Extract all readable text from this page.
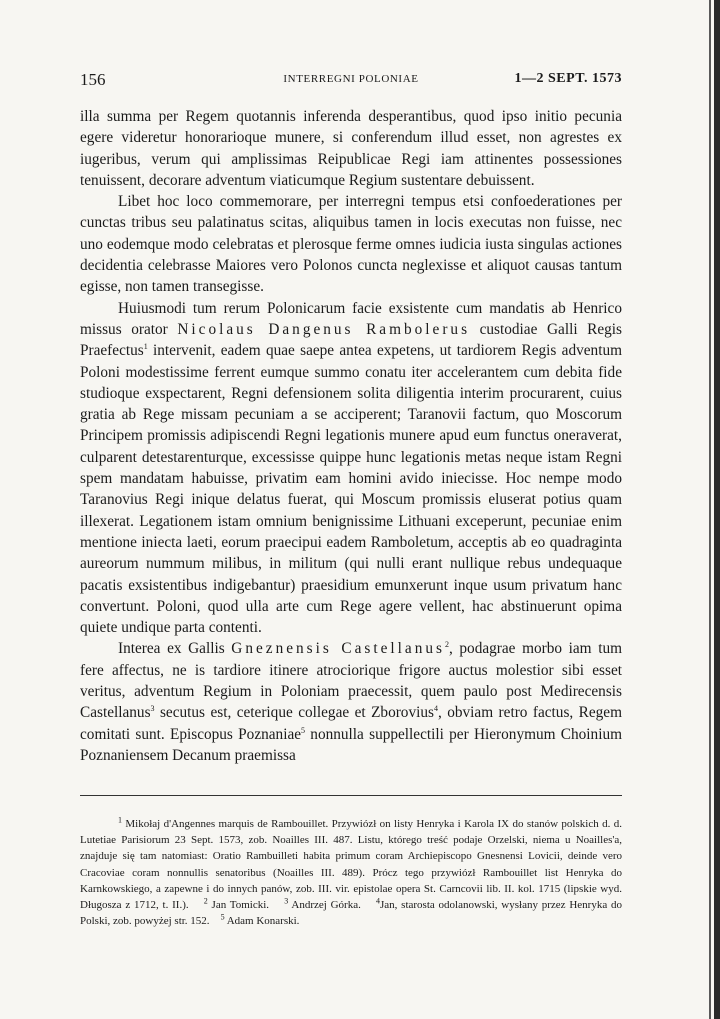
156	INTERREGNI POLONIAE	1—2 SEPT. 1573

illa summa per Regem quotannis inferenda desperantibus, quod ipso initio pecunia egere videretur honorarioque munere, si conferendum illud esset, non agrestes ex iugeribus, verum qui amplissimas Reipublicae Regi iam attinentes possessiones tenuissent, decorare adventum viaticumque Regium sustentare debuissent.

Libet hoc loco commemorare, per interregni tempus etsi confoederationes per cunctas tribus seu palatinatus scitas, aliquibus tamen in locis executas non fuisse, nec uno eodemque modo celebratas et plerosque ferme omnes iudicia iusta singulas actiones decidentia celebrasse Maiores vero Polonos cuncta neglexisse et aliquot causas tantum egisse, non tamen transegisse.

Huiusmodi tum rerum Polonicarum facie exsistente cum mandatis ab Henrico missus orator Nicolaus Dangenus Rambolerus custodiae Galli Regis Praefectus$^1$ intervenit, eadem quae saepe antea expetens, ut tardiorem Regis adventum Poloni modestissime ferrent eumque summo conatu iter accelerantem cum debita fide studioque exspectarent, Regni defensionem solita diligentia interim procurarent, cuius gratia ab Rege missam pecuniam a se acciperent; Taranovii factum, quo Moscorum Principem promissis adipiscendi Regni legationis munere apud eum functus oneraverat, culparent detestarenturque, excessisse quippe hunc legationis metas neque istam Regni spem mandatam habuisse, privatim eam homini avido iniecisse. Hoc nempe modo Taranovius Regi inique delatus fuerat, qui Moscum promissis eluserat potius quam illexerat. Legationem istam omnium benignissime Lithuani exceperunt, pecuniae enim mentione iniecta laeti, eorum praecipui eadem Ramboletum, acceptis ab eo quadraginta aureorum nummum milibus, in militum (qui nulli erant nullique rebus undequaque pacatis exsistentibus indigebantur) praesidium emunxerunt inque usum privatum hanc convertunt. Poloni, quod ulla arte cum Rege agere vellent, hac abstinuerunt opima quiete undique parta contenti.

Interea ex Gallis Gneznensis Castellanus$^2$, podagrae morbo iam tum fere affectus, ne is tardiore itinere atrociorique frigore auctus molestior sibi esset veritus, adventum Regium in Poloniam praecessit, quem paulo post Medirecensis Castellanus$^3$ secutus est, ceterique collegae et Zborovius$^4$, obviam retro factus, Regem comitati sunt. Episcopus Poznaniae$^5$ nonnulla suppellectili per Hieronymum Choinium Poznaniensem Decanum praemissa

$^1$ Mikołaj d'Angennes marquis de Rambouillet. Przywiózł on listy Henryka i Karola IX do stanów polskich d. d. Lutetiae Parisiorum 23 Sept. 1573, zob. Noailles III. 487. Listu, którego treść podaje Orzelski, niema u Noailles'a, znajduje się tam natomiast: Oratio Rambuilleti habita primum coram Archiepiscopo Gnesnensi Lovicii, deinde vero Cracoviae coram nonnullis senatoribus (Noailles III. 489). Prócz tego przywiózł Rambouillet list Henryka do Karnkowskiego, a zapewne i do innych panów, zob. III. vir. epistolae opera St. Carncovii lib. II. kol. 1715 (lipskie wyd. Długosza z 1712, t. II.). $^2$ Jan Tomicki. $^3$ Andrzej Górka. $^4$Jan, starosta odolanowski, wysłany przez Henryka do Polski, zob. powyżej str. 152. $^5$ Adam Konarski.
